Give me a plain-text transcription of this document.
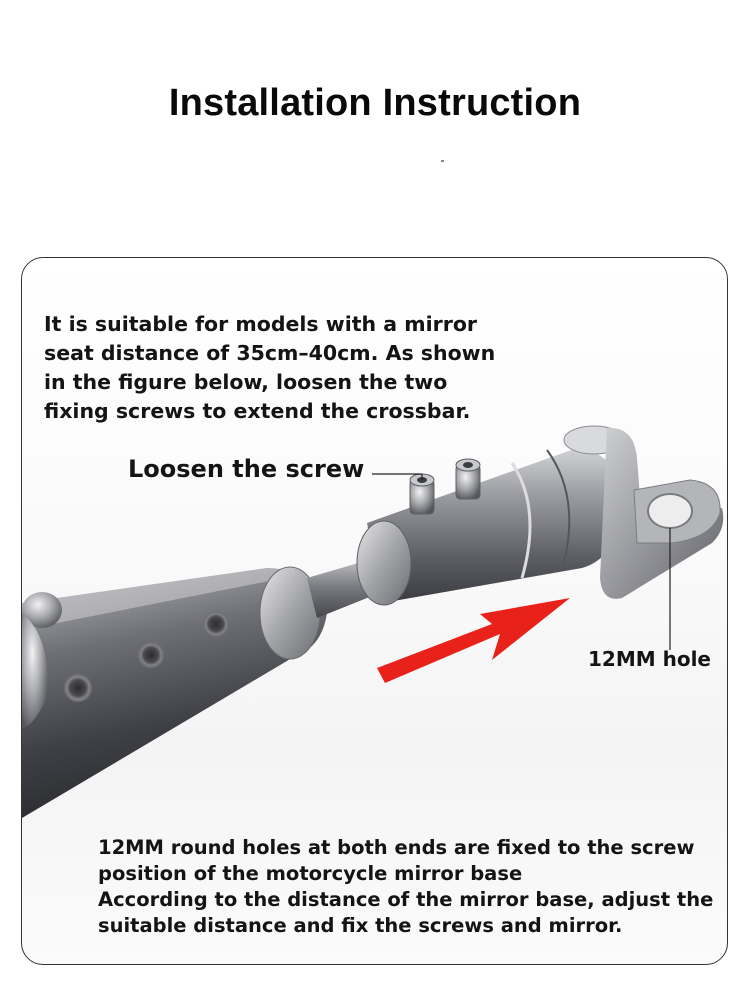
Installation Instruction
It is suitable for models with a mirror
seat distance of 35cm–40cm. As shown
in the figure below, loosen the two
fixing screws to extend the crossbar.
Loosen the screw
12MM hole
12MM round holes at both ends are fixed to the screw
position of the motorcycle mirror base
According to the distance of the mirror base, adjust the
suitable distance and fix the screws and mirror.
